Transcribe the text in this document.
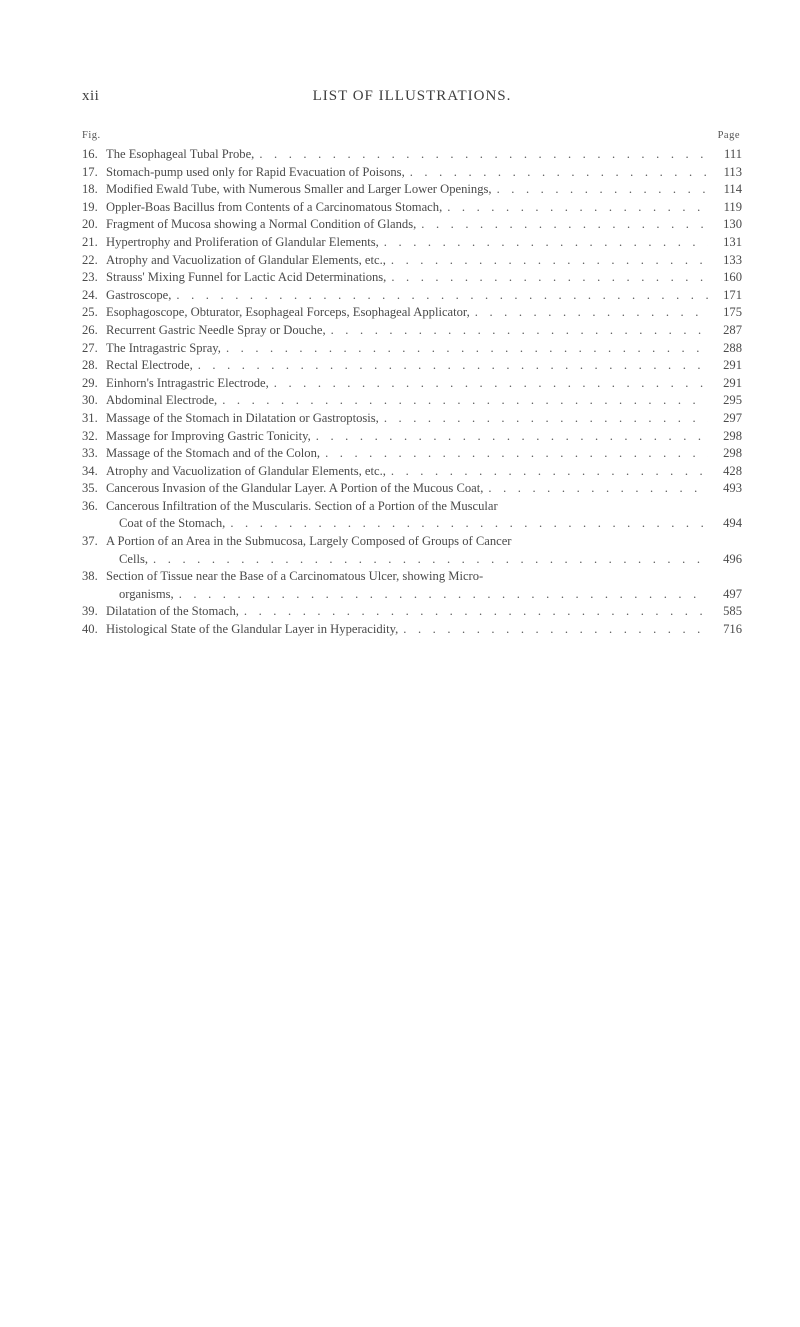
xii	LIST OF ILLUSTRATIONS.
Fig.	Page
16. The Esophageal Tubal Probe, . . .	111
17. Stomach-pump used only for Rapid Evacuation of Poisons, . . .	113
18. Modified Ewald Tube, with Numerous Smaller and Larger Lower Openings, . . .	114
19. Oppler-Boas Bacillus from Contents of a Carcinomatous Stomach, . . .	119
20. Fragment of Mucosa showing a Normal Condition of Glands, . . .	130
21. Hypertrophy and Proliferation of Glandular Elements, . . .	131
22. Atrophy and Vacuolization of Glandular Elements, etc., . . .	133
23. Strauss' Mixing Funnel for Lactic Acid Determinations, . . .	160
24. Gastroscope, . . .	171
25. Esophagoscope, Obturator, Esophageal Forceps, Esophageal Applicator, . . .	175
26. Recurrent Gastric Needle Spray or Douche, . . .	287
27. The Intragastric Spray, . . .	288
28. Rectal Electrode, . . .	291
29. Einhorn's Intragastric Electrode, . . .	291
30. Abdominal Electrode, . . .	295
31. Massage of the Stomach in Dilatation or Gastroptosis, . . .	297
32. Massage for Improving Gastric Tonicity, . . .	298
33. Massage of the Stomach and of the Colon, . . .	298
34. Atrophy and Vacuolization of Glandular Elements, etc., . . .	428
35. Cancerous Invasion of the Glandular Layer. A Portion of the Mucous Coat, . . .	493
36. Cancerous Infiltration of the Muscularis. Section of a Portion of the Muscular
Coat of the Stomach, . . .	494
37. A Portion of an Area in the Submucosa, Largely Composed of Groups of Cancer
Cells, . . .	496
38. Section of Tissue near the Base of a Carcinomatous Ulcer, showing Micro-
organisms, . . .	497
39. Dilatation of the Stomach, . . .	585
40. Histological State of the Glandular Layer in Hyperacidity, . . .	716
